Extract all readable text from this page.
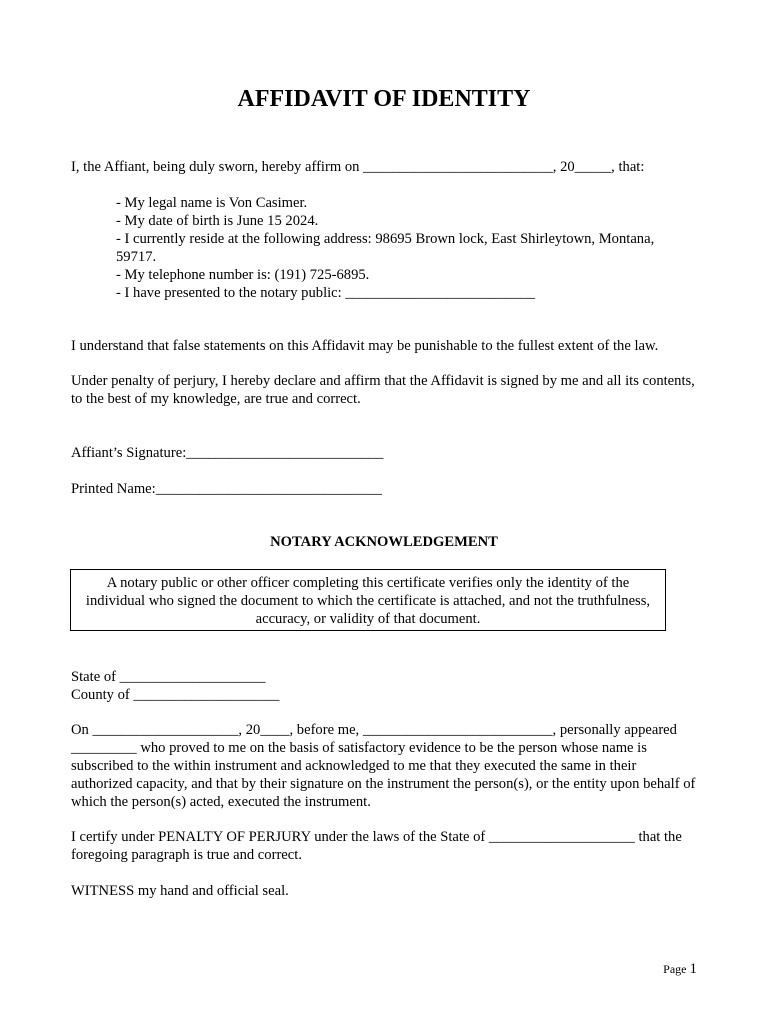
AFFIDAVIT OF IDENTITY
I, the Affiant, being duly sworn, hereby affirm on __________________________, 20_____, that:
- My legal name is Von Casimer.
- My date of birth is June 15 2024.
- I currently reside at the following address: 98695 Brown lock, East Shirleytown, Montana, 59717.
- My telephone number is: (191) 725-6895.
- I have presented to the notary public: __________________________
I understand that false statements on this Affidavit may be punishable to the fullest extent of the law.
Under penalty of perjury, I hereby declare and affirm that the Affidavit is signed by me and all its contents, to the best of my knowledge, are true and correct.
Affiant’s Signature:___________________________
Printed Name:_______________________________
NOTARY ACKNOWLEDGEMENT
A notary public or other officer completing this certificate verifies only the identity of the individual who signed the document to which the certificate is attached, and not the truthfulness, accuracy, or validity of that document.
State of ____________________
County of ____________________
On ____________________, 20____, before me, __________________________, personally appeared _________ who proved to me on the basis of satisfactory evidence to be the person whose name is subscribed to the within instrument and acknowledged to me that they executed the same in their authorized capacity, and that by their signature on the instrument the person(s), or the entity upon behalf of which the person(s) acted, executed the instrument.
I certify under PENALTY OF PERJURY under the laws of the State of ____________________ that the foregoing paragraph is true and correct.
WITNESS my hand and official seal.
Page 1
